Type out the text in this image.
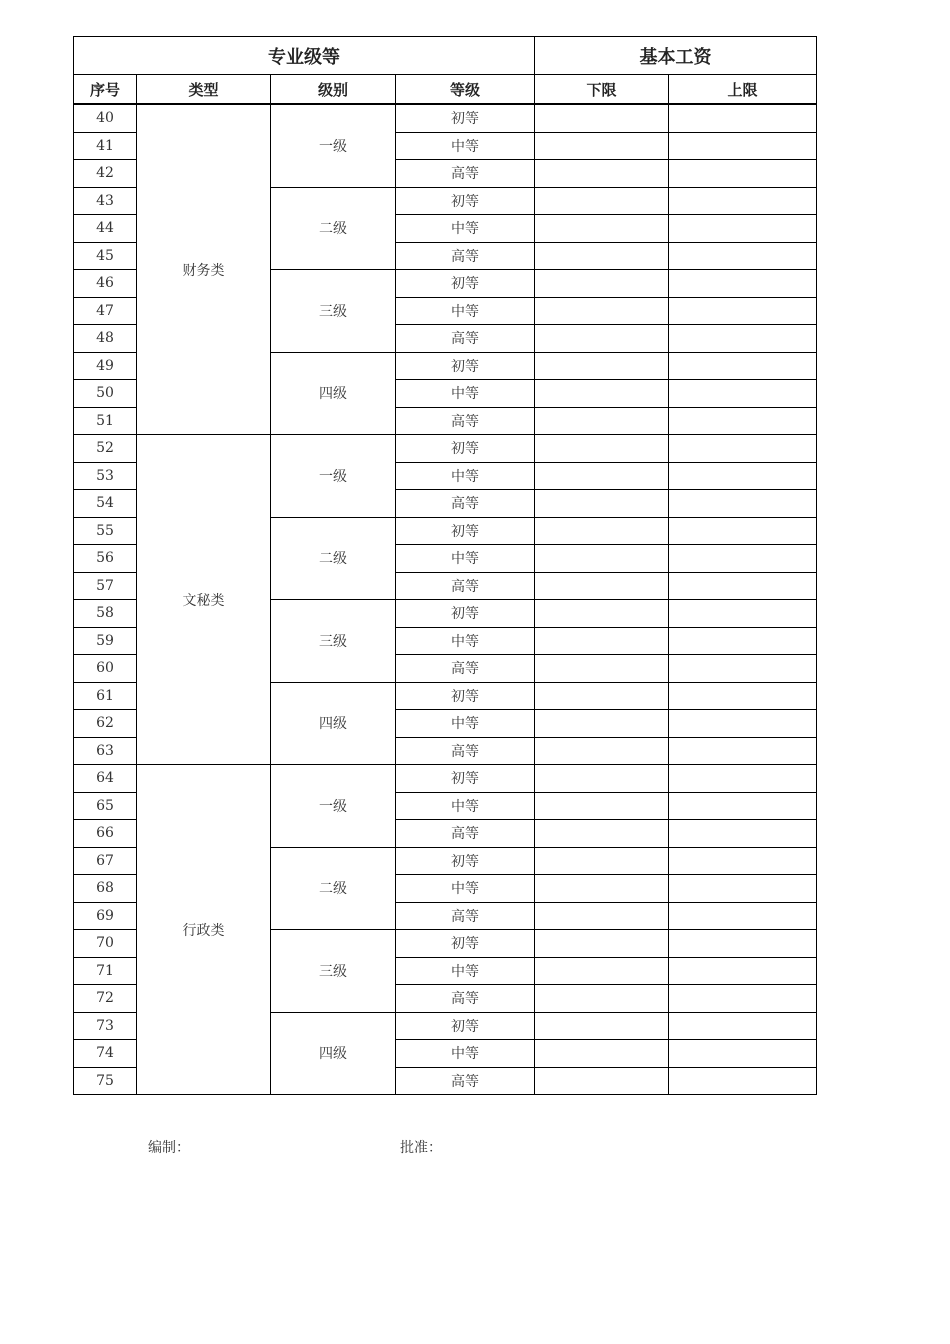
专业级等				基本工资	
序号	类型	级别	等级	下限	上限
40	财务类	一级	初等		
41			中等		
42			高等		
43		二级	初等		
44			中等		
45			高等		
46		三级	初等		
47			中等		
48			高等		
49		四级	初等		
50			中等		
51			高等		
52	文秘类	一级	初等		
53			中等		
54			高等		
55		二级	初等		
56			中等		
57			高等		
58		三级	初等		
59			中等		
60			高等		
61		四级	初等		
62			中等		
63			高等		
64	行政类	一级	初等		
65			中等		
66			高等		
67		二级	初等		
68			中等		
69			高等		
70		三级	初等		
71			中等		
72			高等		
73		四级	初等		
74			中等		
75			高等		
编制：	批准：
